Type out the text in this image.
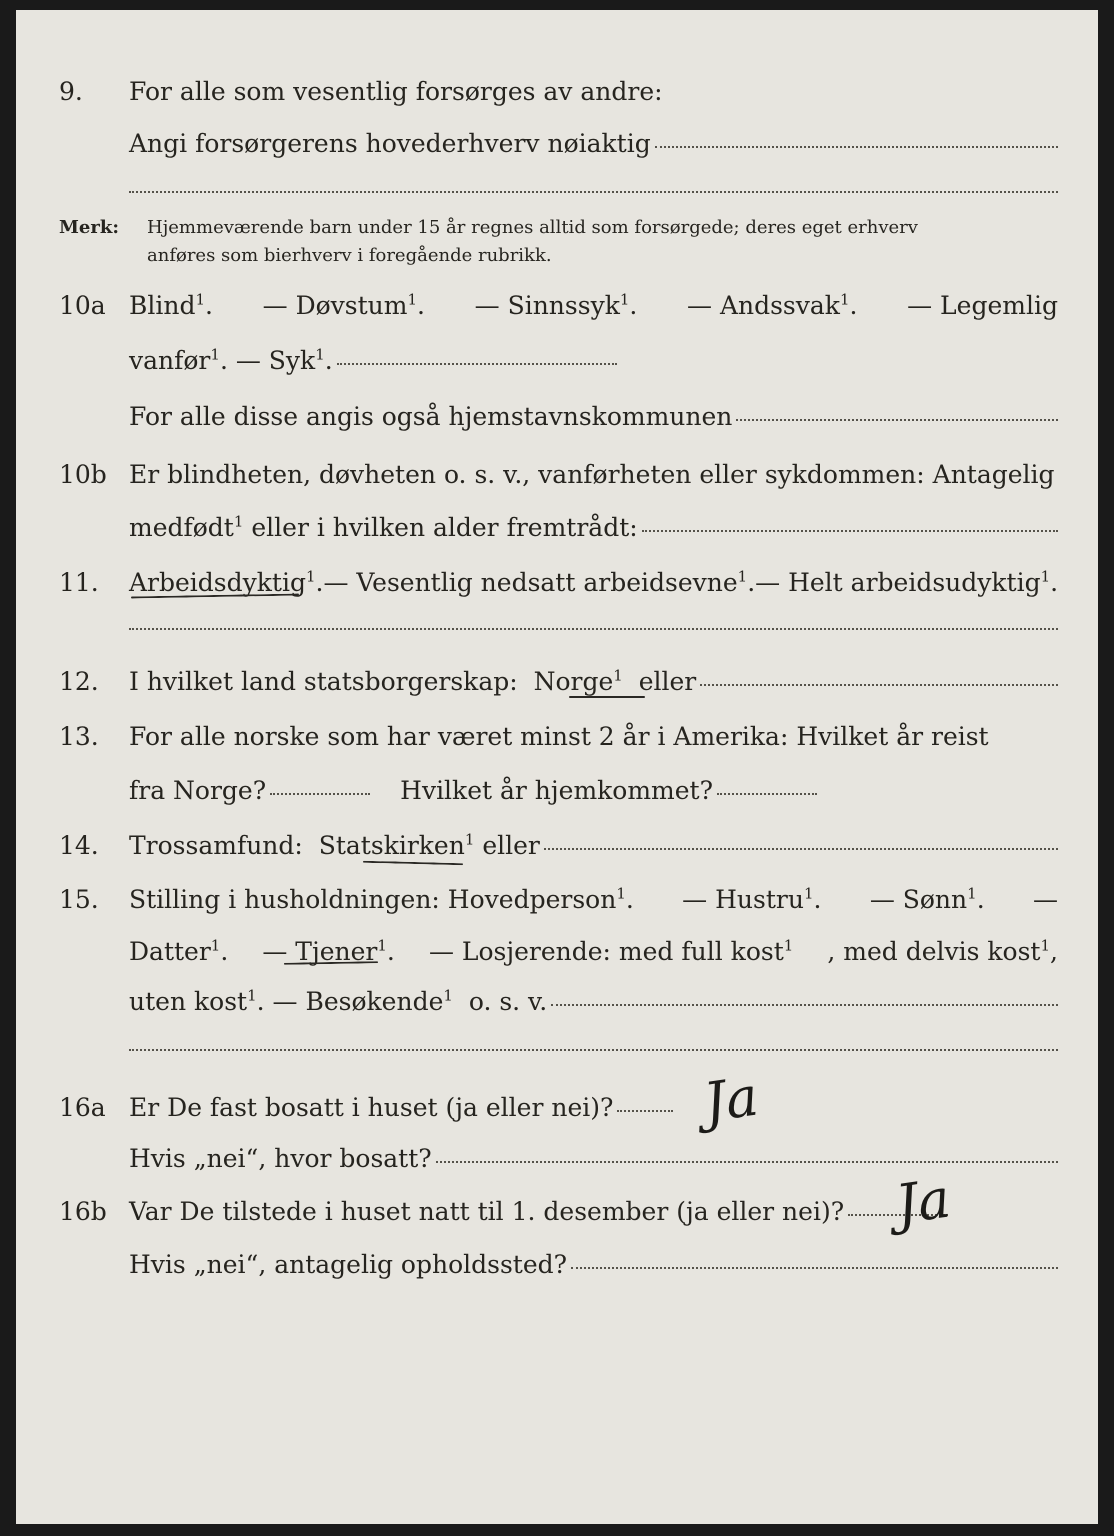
9. For alle som vesentlig forsørges av andre:
Angi forsørgerens hovederhverv nøiaktig
Merk: Hjemmeværende barn under 15 år regnes alltid som forsørgede; deres eget erhverv
anføres som bierhverv i foregående rubrikk.
10a Blind$^1$. — Døvstum$^1$. — Sinnssyk$^1$. — Andssvak$^1$. — Legemlig
vanfør$^1$.
— Syk$^1$.
For alle disse angis også hjemstavnskommunen
10b Er blindheten, døvheten o. s. v., vanførheten eller sykdommen: Antagelig
medfødt$^1$
eller i hvilken alder fremtrådt:
11. Arbeidsdyktig$^1$. — Vesentlig nedsatt arbeidsevne$^1$. — Helt arbeidsudyktig$^1$.
12. I hvilket land statsborgerskap:
Norge$^1$
eller
13. For alle norske som har været minst 2 år i Amerika: Hvilket år reist
fra Norge?	Hvilket år hjemkommet?
14. Trossamfund:
Statskirken$^1$
eller
15. Stilling i husholdningen: Hovedperson$^1$. — Hustru$^1$. — Sønn$^1$. —
Datter$^1$. — Tjener$^1$. — Losjerende: med full kost$^1$ , med delvis kost$^1$,
uten kost$^1$.
— Besøkende$^1$
o. s. v.
16a Er De fast bosatt i huset (ja eller nei)? Ja
Hvis „nei“, hvor bosatt?
16b Var De tilstede i huset natt til 1. desember (ja eller nei)? Ja
Hvis „nei“, antagelig opholdssted?
